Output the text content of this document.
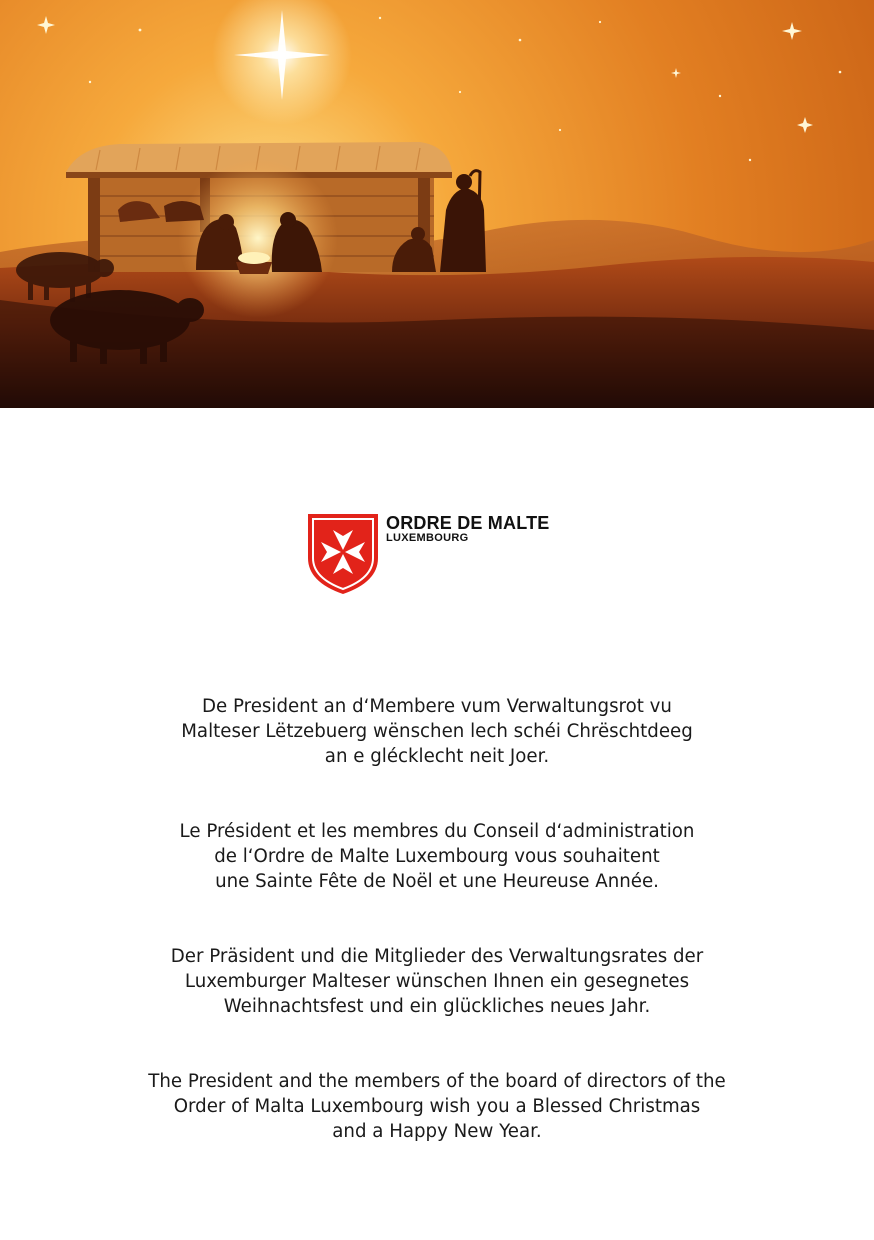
ORDRE DE MALTE
LUXEMBOURG

De President an d‘Membere vum Verwaltungsrot vu
Malteser Lëtzebuerg wënschen lech schéi Chrëschtdeeg
an e glécklecht neit Joer.

Le Président et les membres du Conseil d‘administration
de l‘Ordre de Malte Luxembourg vous souhaitent
une Sainte Fête de Noël et une Heureuse Année.

Der Präsident und die Mitglieder des Verwaltungsrates der
Luxemburger Malteser wünschen Ihnen ein gesegnetes
Weihnachtsfest und ein glückliches neues Jahr.

The President and the members of the board of directors of the
Order of Malta Luxembourg wish you a Blessed Christmas
and a Happy New Year.
